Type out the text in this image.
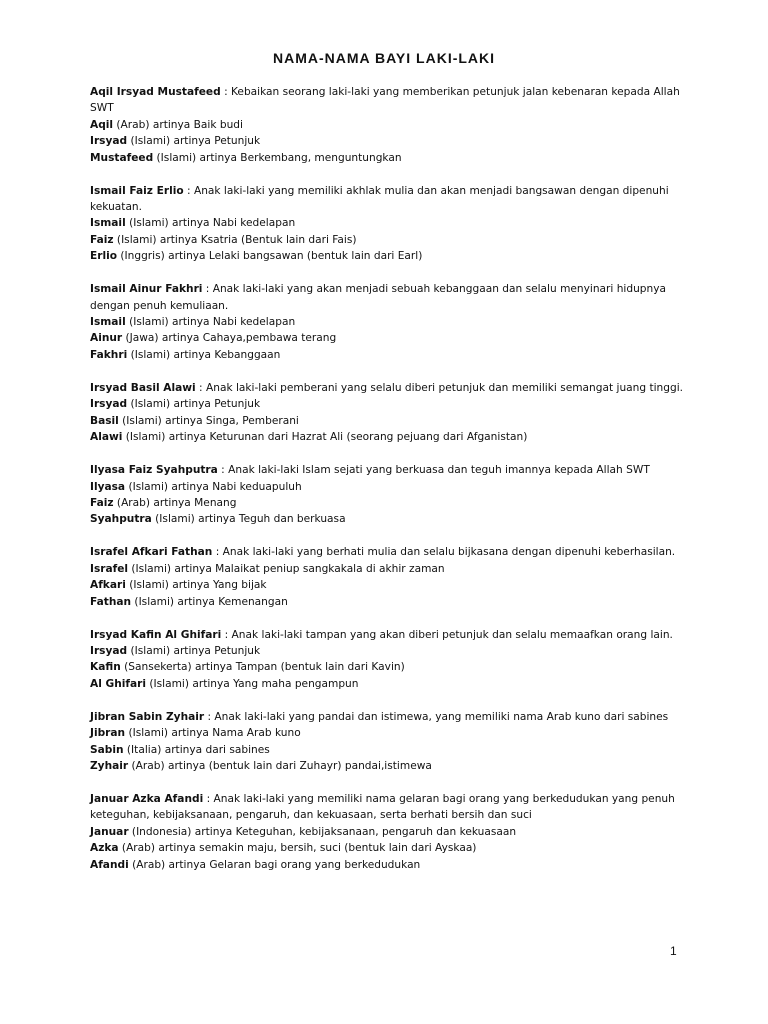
NAMA-NAMA BAYI LAKI-LAKI
Aqil Irsyad Mustafeed : Kebaikan seorang laki-laki yang memberikan petunjuk jalan kebenaran kepada Allah SWT
Aqil (Arab) artinya Baik budi
Irsyad (Islami) artinya Petunjuk
Mustafeed (Islami) artinya Berkembang, menguntungkan
Ismail Faiz Erlio : Anak laki-laki yang memiliki akhlak mulia dan akan menjadi bangsawan dengan dipenuhi kekuatan.
Ismail (Islami) artinya Nabi kedelapan
Faiz (Islami) artinya Ksatria (Bentuk lain dari Fais)
Erlio (Inggris) artinya Lelaki bangsawan (bentuk lain dari Earl)
Ismail Ainur Fakhri : Anak laki-laki yang akan menjadi sebuah kebanggaan dan selalu menyinari hidupnya dengan penuh kemuliaan.
Ismail (Islami) artinya Nabi kedelapan
Ainur (Jawa) artinya Cahaya,pembawa terang
Fakhri (Islami) artinya Kebanggaan
Irsyad Basil Alawi : Anak laki-laki pemberani yang selalu diberi petunjuk dan memiliki semangat juang tinggi.
Irsyad (Islami) artinya Petunjuk
Basil (Islami) artinya Singa, Pemberani
Alawi (Islami) artinya Keturunan dari Hazrat Ali (seorang pejuang dari Afganistan)
Ilyasa Faiz Syahputra : Anak laki-laki Islam sejati yang berkuasa dan teguh imannya kepada Allah SWT
Ilyasa (Islami) artinya Nabi keduapuluh
Faiz (Arab) artinya Menang
Syahputra (Islami) artinya Teguh dan berkuasa
Israfel Afkari Fathan : Anak laki-laki yang berhati mulia dan selalu bijkasana dengan dipenuhi keberhasilan.
Israfel (Islami) artinya Malaikat peniup sangkakala di akhir zaman
Afkari (Islami) artinya Yang bijak
Fathan (Islami) artinya Kemenangan
Irsyad Kafin Al Ghifari : Anak laki-laki tampan yang akan diberi petunjuk dan selalu memaafkan orang lain.
Irsyad (Islami) artinya Petunjuk
Kafin (Sansekerta) artinya Tampan (bentuk lain dari Kavin)
Al Ghifari (Islami) artinya Yang maha pengampun
Jibran Sabin Zyhair : Anak laki-laki yang pandai dan istimewa, yang memiliki nama Arab kuno dari sabines
Jibran (Islami) artinya Nama Arab kuno
Sabin (Italia) artinya dari sabines
Zyhair (Arab) artinya (bentuk lain dari Zuhayr) pandai,istimewa
Januar Azka Afandi : Anak laki-laki yang memiliki nama gelaran bagi orang yang berkedudukan yang penuh keteguhan, kebijaksanaan, pengaruh, dan kekuasaan, serta berhati bersih dan suci
Januar (Indonesia) artinya Keteguhan, kebijaksanaan, pengaruh dan kekuasaan
Azka (Arab) artinya semakin maju, bersih, suci (bentuk lain dari Ayskaa)
Afandi (Arab) artinya Gelaran bagi orang yang berkedudukan
1
